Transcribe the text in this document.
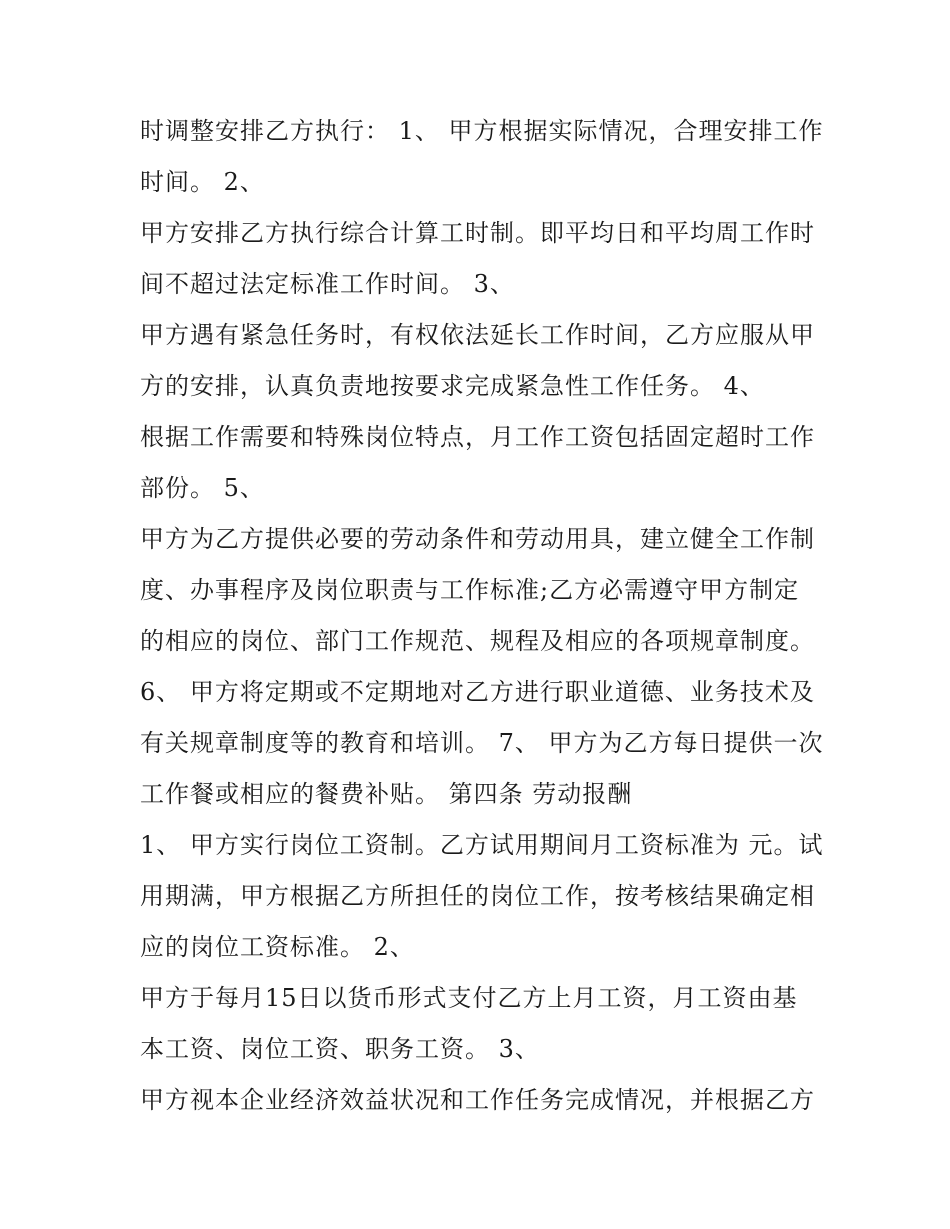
时调整安排乙方执行： 1、 甲方根据实际情况，合理安排工作
时间。 2、
甲方安排乙方执行综合计算工时制。即平均日和平均周工作时
间不超过法定标准工作时间。 3、
甲方遇有紧急任务时，有权依法延长工作时间，乙方应服从甲
方的安排，认真负责地按要求完成紧急性工作任务。 4、
根据工作需要和特殊岗位特点，月工作工资包括固定超时工作
部份。 5、
甲方为乙方提供必要的劳动条件和劳动用具，建立健全工作制
度、办事程序及岗位职责与工作标准;乙方必需遵守甲方制定
的相应的岗位、部门工作规范、规程及相应的各项规章制度。
6、 甲方将定期或不定期地对乙方进行职业道德、业务技术及
有关规章制度等的教育和培训。 7、 甲方为乙方每日提供一次
工作餐或相应的餐费补贴。 第四条 劳动报酬
1、 甲方实行岗位工资制。乙方试用期间月工资标准为 元。试
用期满，甲方根据乙方所担任的岗位工作，按考核结果确定相
应的岗位工资标准。 2、
甲方于每月15日以货币形式支付乙方上月工资，月工资由基
本工资、岗位工资、职务工资。 3、
甲方视本企业经济效益状况和工作任务完成情况，并根据乙方
